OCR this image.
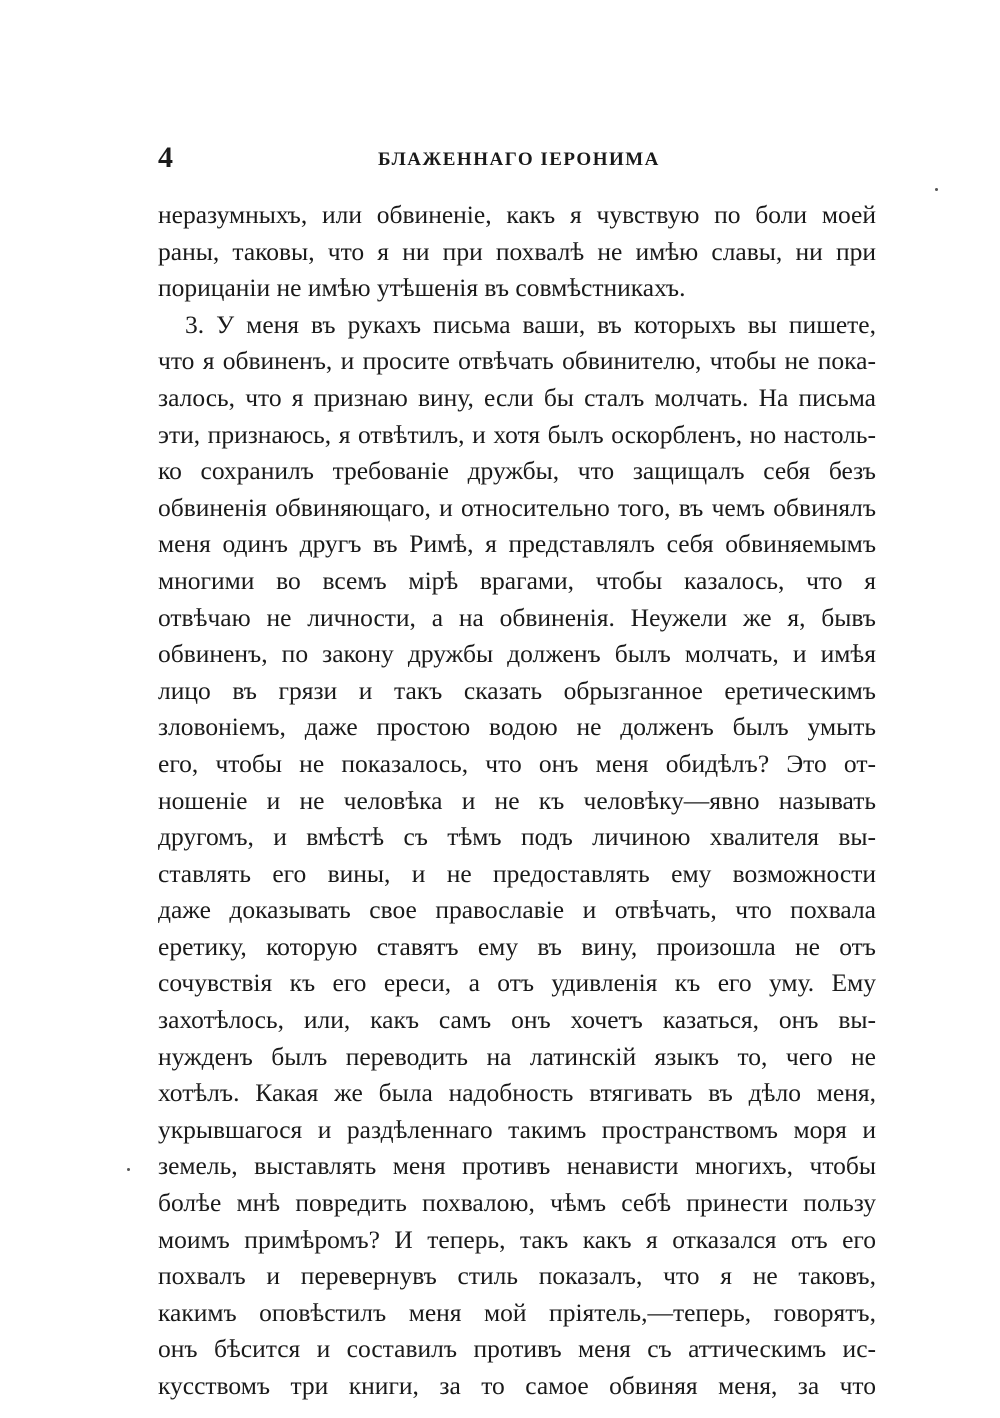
4	БЛАЖЕННАГО ІЕРОНИМА
неразумныхъ, или обвиненіе, какъ я чувствую по боли моей
раны, таковы, что я ни при похвалѣ не имѣю славы, ни при
порицаніи не имѣю утѣшенія въ совмѣстникахъ.
3. У меня въ рукахъ письма ваши, въ которыхъ вы пишете,
что я обвиненъ, и просите отвѣчать обвинителю, чтобы не пока-
залось, что я признаю вину, если бы сталъ молчать. На письма
эти, признаюсь, я отвѣтилъ, и хотя былъ оскорбленъ, но настоль-
ко сохранилъ требованіе дружбы, что защищалъ себя безъ
обвиненія обвиняющаго, и относительно того, въ чемъ обвинялъ
меня одинъ другъ въ Римѣ, я представлялъ себя обвиняемымъ
многими во всемъ мірѣ врагами, чтобы казалось, что я
отвѣчаю не личности, а на обвиненія. Неужели же я, бывъ
обвиненъ, по закону дружбы долженъ былъ молчать, и имѣя
лицо въ грязи и такъ сказать обрызганное еретическимъ
зловоніемъ, даже простою водою не долженъ былъ умыть
его, чтобы не показалось, что онъ меня обидѣлъ? Это от-
ношеніе и не человѣка и не къ человѣку—явно называть
другомъ, и вмѣстѣ съ тѣмъ подъ личиною хвалителя вы-
ставлять его вины, и не предоставлять ему возможности
даже доказывать свое православіе и отвѣчать, что похвала
еретику, которую ставятъ ему въ вину, произошла не отъ
сочувствія къ его ереси, а отъ удивленія къ его уму. Ему
захотѣлось, или, какъ самъ онъ хочетъ казаться, онъ вы-
нужденъ былъ переводить на латинскій языкъ то, чего не
хотѣлъ. Какая же была надобность втягивать въ дѣло меня,
укрывшагося и раздѣленнаго такимъ пространствомъ моря и
земель, выставлять меня противъ ненависти многихъ, чтобы
болѣе мнѣ повредить похвалою, чѣмъ себѣ принести пользу
моимъ примѣромъ? И теперь, такъ какъ я отказался отъ его
похвалъ и перевернувъ стиль показалъ, что я не таковъ,
какимъ оповѣстилъ меня мой пріятель,—теперь, говорятъ,
онъ бѣсится и составилъ противъ меня съ аттическимъ ис-
кусствомъ три книги, за то самое обвиняя меня, за что
